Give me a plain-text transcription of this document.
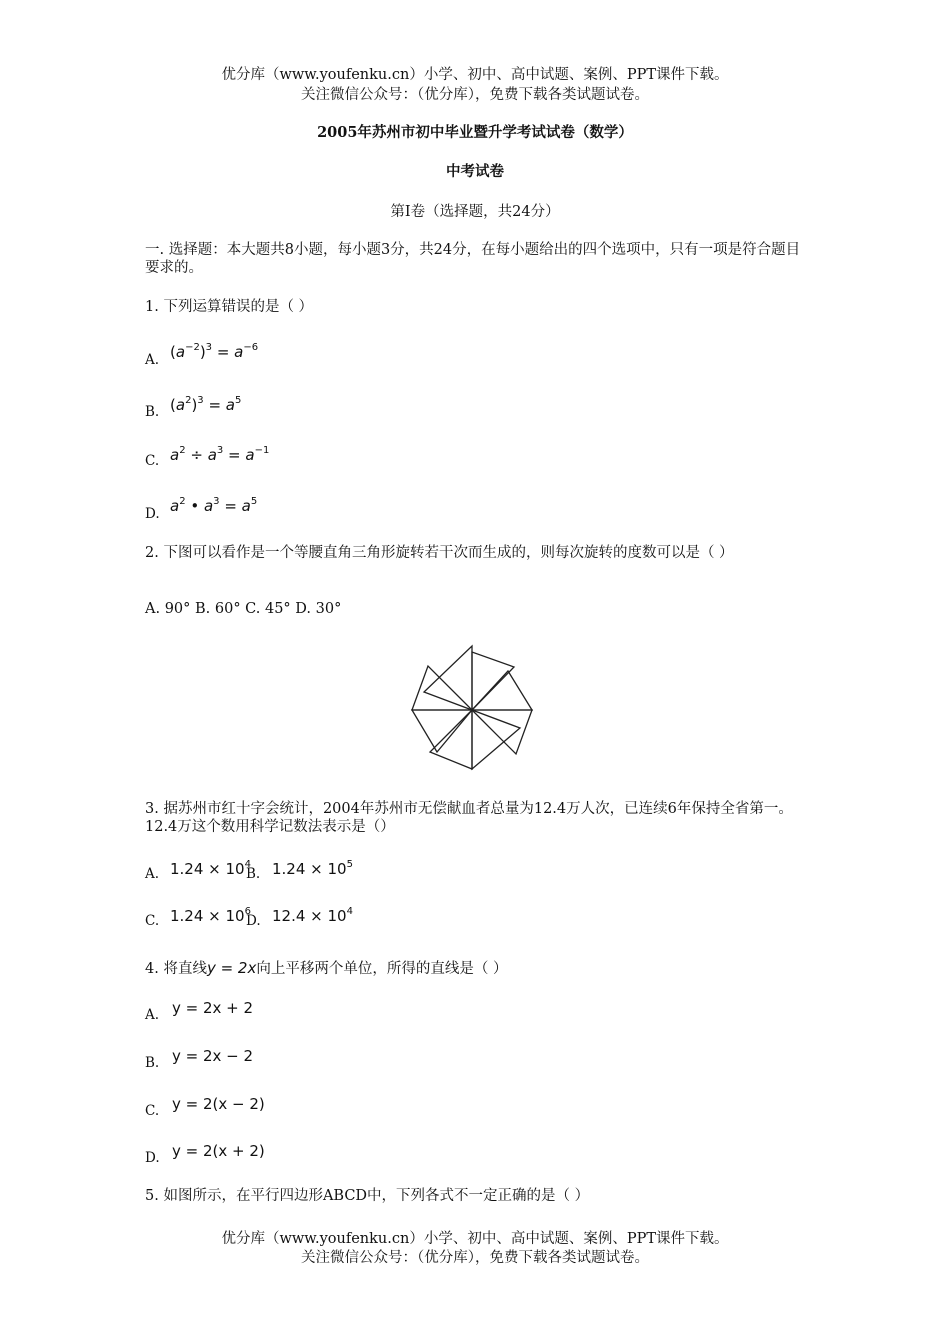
优分库（www.youfenku.cn）小学、初中、高中试题、案例、PPT课件下载。
关注微信公众号：（优分库），免费下载各类试题试卷。
2005年苏州市初中毕业暨升学考试试卷（数学）
中考试卷
第Ⅰ卷（选择题，共24分）
一. 选择题：本大题共8小题，每小题3分，共24分，在每小题给出的四个选项中，只有一项是符合题目要求的。
1. 下列运算错误的是（ ）
A. $(a^{-2})^3 = a^{-6}$
B. $(a^2)^3 = a^5$
C. $a^2 \div a^3 = a^{-1}$
D. $a^2$ • $a^3 = a^5$
2. 下图可以看作是一个等腰直角三角形旋转若干次而生成的，则每次旋转的度数可以是（ ）
A. 90° B. 60° C. 45° D. 30°
3. 据苏州市红十字会统计，2004年苏州市无偿献血者总量为12.4万人次，已连续6年保持全省第一。12.4万这个数用科学记数法表示是（）
A. $1.24 \times 10^4$
B. $1.24 \times 10^5$
C. $1.24 \times 10^6$
D. $12.4 \times 10^4$
4. 将直线y = 2x向上平移两个单位，所得的直线是（ ）
A. y = 2x + 2
B. y = 2x − 2
C. y = 2(x − 2)
D. y = 2(x + 2)
5. 如图所示，在平行四边形ABCD中，下列各式不一定正确的是（ ）
优分库（www.youfenku.cn）小学、初中、高中试题、案例、PPT课件下载。
关注微信公众号：（优分库），免费下载各类试题试卷。
